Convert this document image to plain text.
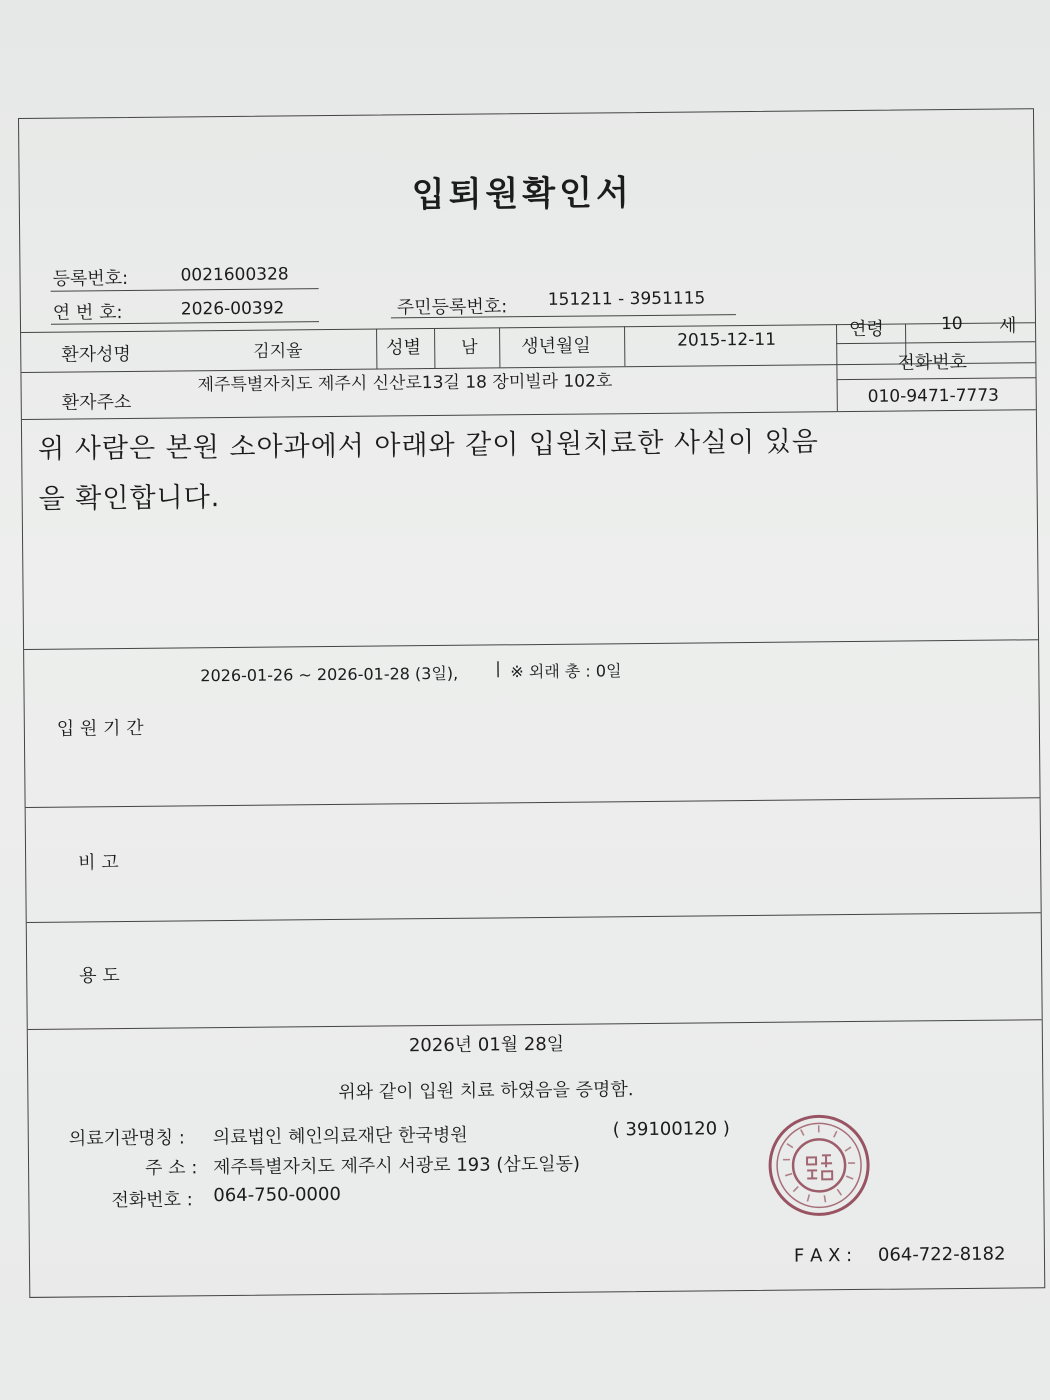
입퇴원확인서
등록번호:	0021600328
연 번 호:	2026-00392	주민등록번호: 151211 - 3951115
환자성명	김지율	성별 남 생년월일	2015-12-11
연령	10 세
환자주소
제주특별자치도 제주시 신산로13길 18 장미빌라 102호
전화번호
010-9471-7773
위 사람은 본원 소아과에서 아래와 같이 입원치료한 사실이 있음
을 확인합니다.
2026-01-26 ~ 2026-01-28 (3일), | ※ 외래 총 : 0일
입 원 기 간
비 고
용 도
2026년 01월 28일
위와 같이 입원 치료 하였음을 증명함.
의료기관명칭 : 의료법인 혜인의료재단 한국병원	( 39100120 )
주 소 : 제주특별자치도 제주시 서광로 193 (삼도일동)
전화번호 : 064-750-0000
F A X : 064-722-8182
